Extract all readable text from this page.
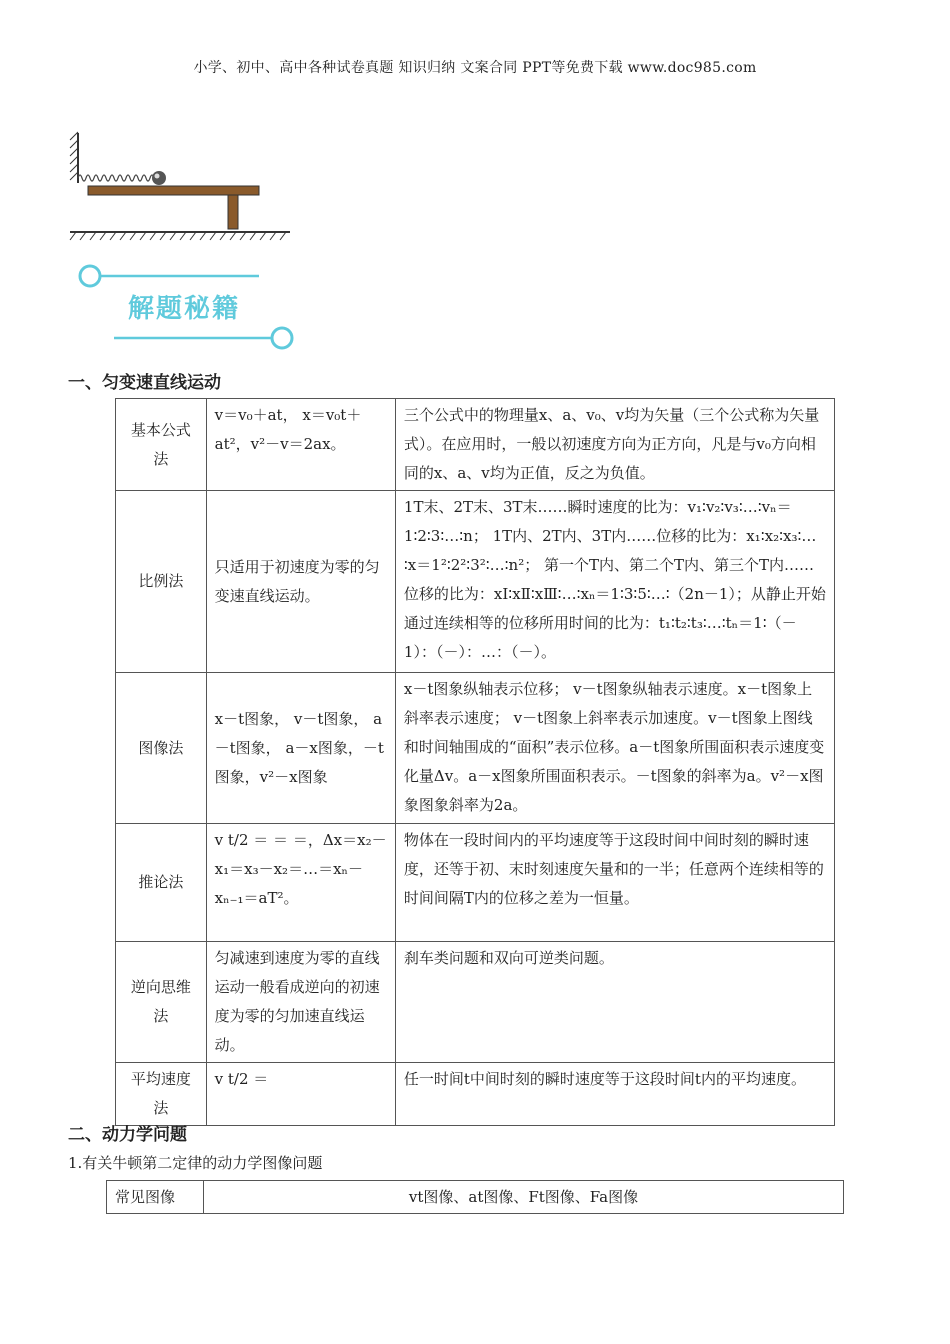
小学、初中、高中各种试卷真题 知识归纳 文案合同 PPT等免费下载 www.doc985.com
解题秘籍
一、匀变速直线运动
基本公式法	v＝v₀＋at， x＝v₀t＋at²，v²－v＝2ax。	三个公式中的物理量x、a、v₀、v均为矢量（三个公式称为矢量式）。在应用时，一般以初速度方向为正方向，凡是与v₀方向相同的x、a、v均为正值，反之为负值。
比例法	只适用于初速度为零的匀变速直线运动。	1T末、2T末、3T末……瞬时速度的比为：v₁∶v₂∶v₃∶…∶vₙ＝1∶2∶3∶…∶n； 1T内、2T内、3T内……位移的比为：x₁∶x₂∶x₃∶…∶x＝1²∶2²∶3²∶…∶n²； 第一个T内、第二个T内、第三个T内……位移的比为：xⅠ∶xⅡ∶xⅢ∶…∶xₙ＝1∶3∶5∶…∶（2n－1）；从静止开始通过连续相等的位移所用时间的比为：t₁∶t₂∶t₃∶…∶tₙ＝1∶（－1）：（－）：…：（－）。
图像法	x－t图象， v－t图象， a－t图象， a－x图象，－t图象，v²－x图象	x－t图象纵轴表示位移； v－t图象纵轴表示速度。x－t图象上斜率表示速度； v－t图象上斜率表示加速度。v－t图象上图线和时间轴围成的“面积”表示位移。a－t图象所围面积表示速度变化量Δv。a－x图象所围面积表示。－t图象的斜率为a。v²－x图象图象斜率为2a。
推论法	v t/2 ＝ ＝ ＝，Δx＝x₂－x₁＝x₃－x₂＝…＝xₙ－xₙ₋₁＝aT²。	物体在一段时间内的平均速度等于这段时间中间时刻的瞬时速度，还等于初、末时刻速度矢量和的一半；任意两个连续相等的时间间隔T内的位移之差为一恒量。
逆向思维法	匀减速到速度为零的直线运动一般看成逆向的初速度为零的匀加速直线运动。	刹车类问题和双向可逆类问题。
平均速度法	v t/2 ＝	任一时间t中间时刻的瞬时速度等于这段时间t内的平均速度。
二、动力学问题
1.有关牛顿第二定律的动力学图像问题
常见图像	vt图像、at图像、Ft图像、Fa图像
